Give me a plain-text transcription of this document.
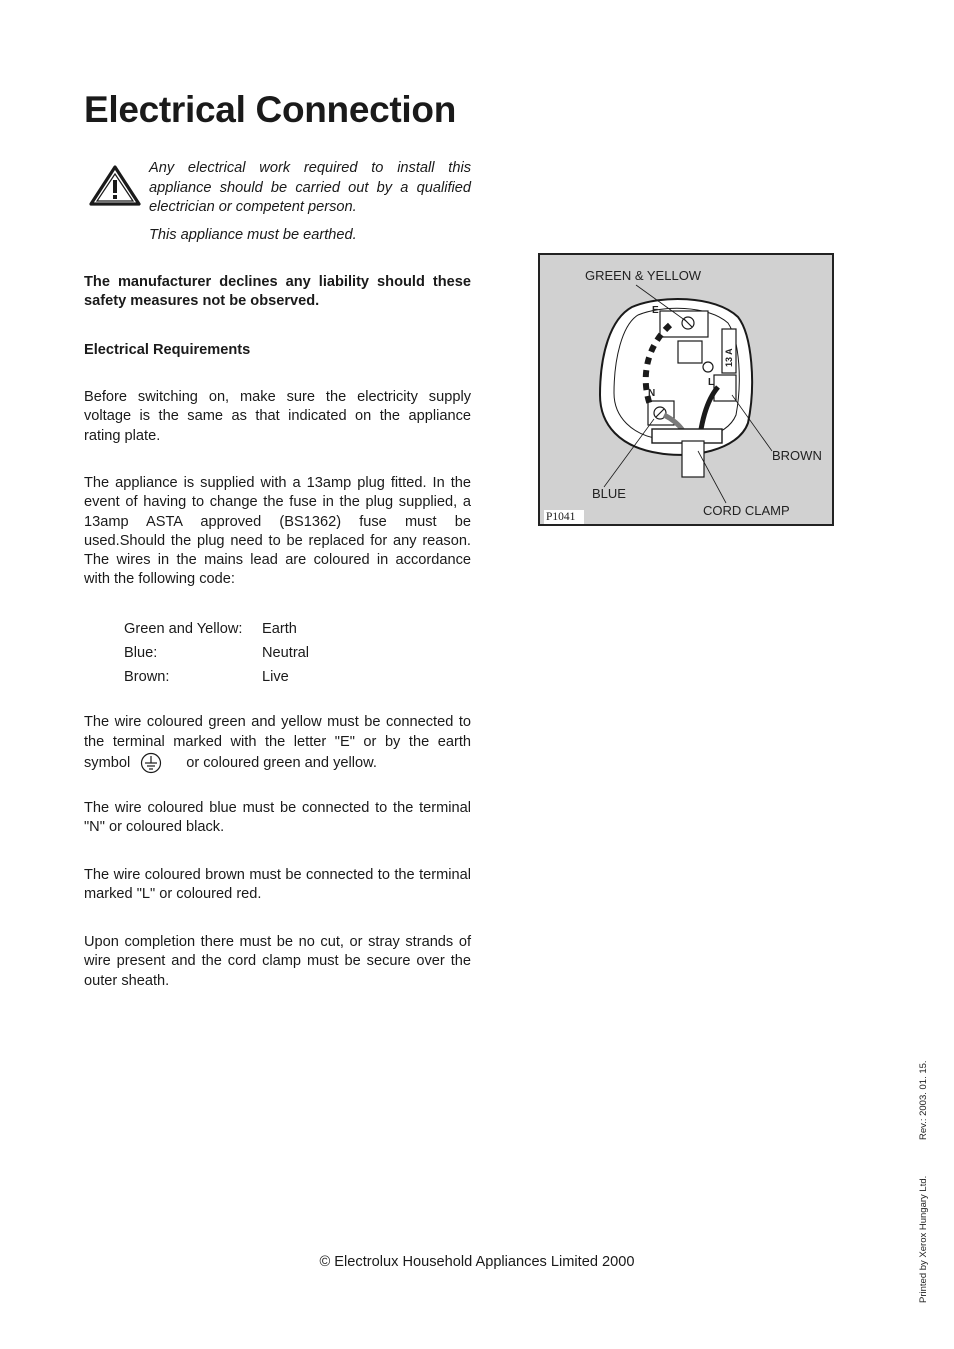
Electrical Connection

Any electrical work required to install this appliance should be carried out by a qualified electrician or competent person.

This appliance must be earthed.

The manufacturer declines any liability should these safety measures not be observed.

Electrical Requirements

Before switching on, make sure the electricity supply voltage is the same as that indicated on the appliance rating plate.

The appliance is supplied with a 13amp plug fitted. In the event of having to change the fuse in the plug supplied, a 13amp ASTA approved (BS1362) fuse must be used.Should the plug need to be replaced for any reason. The wires in the mains lead are coloured in accordance with the following code:

Green and Yellow:	Earth
Blue:	Neutral
Brown:	Live

The wire coloured green and yellow must be connected to the terminal marked with the letter "E" or by the earth symbol	or coloured green and yellow.

The wire coloured blue must be connected to the terminal "N" or coloured black.

The wire coloured brown must be connected to the terminal marked "L" or coloured red.

Upon completion there must be no cut, or stray strands of wire present and the cord clamp must be secure over the outer sheath.

GREEN & YELLOW
E
N
L
13 A
BROWN
BLUE
CORD CLAMP
P1041
© Electrolux Household Appliances Limited 2000	Printed by Xerox Hungary Ltd.
Rev.: 2003. 01. 15.
